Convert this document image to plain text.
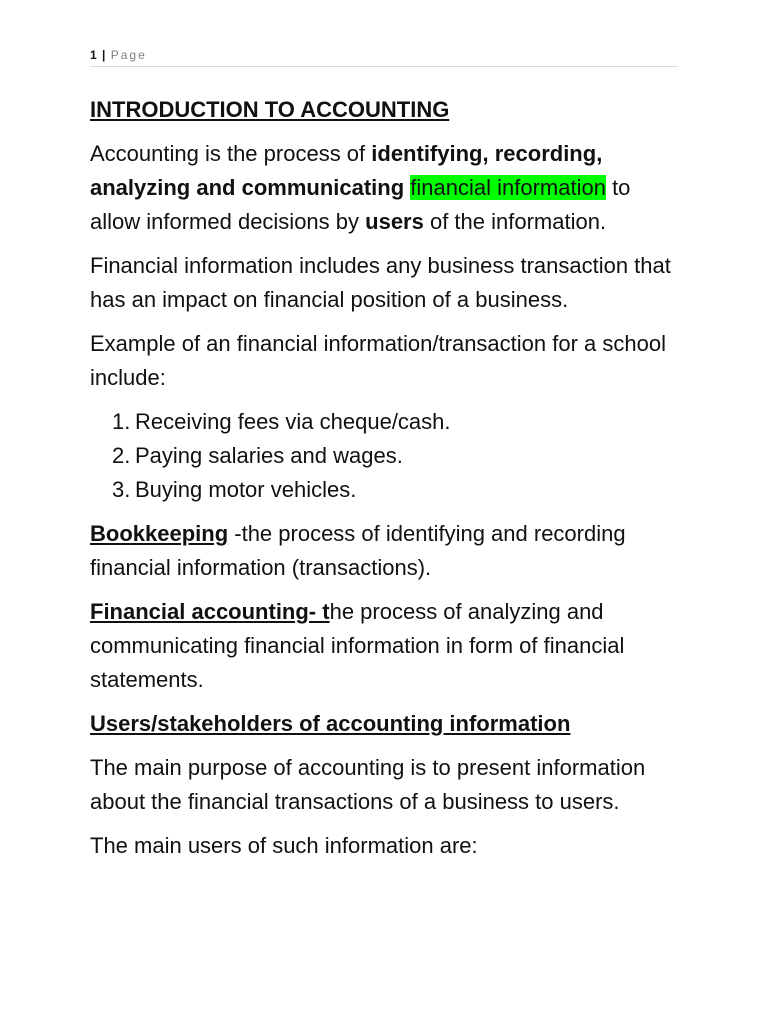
1 | Page

INTRODUCTION TO ACCOUNTING

Accounting is the process of identifying, recording,
analyzing and communicating financial information to allow informed decisions by users of the information.

Financial information includes any business transaction that has an impact on financial position of a business.

Example of an financial information/transaction for a school include:

1. Receiving fees via cheque/cash.
2. Paying salaries and wages.
3. Buying motor vehicles.

Bookkeeping -the process of identifying and recording financial information (transactions).

Financial accounting- the process of analyzing and communicating financial information in form of financial statements.

Users/stakeholders of accounting information

The main purpose of accounting is to present information about the financial transactions of a business to users.

The main users of such information are:
